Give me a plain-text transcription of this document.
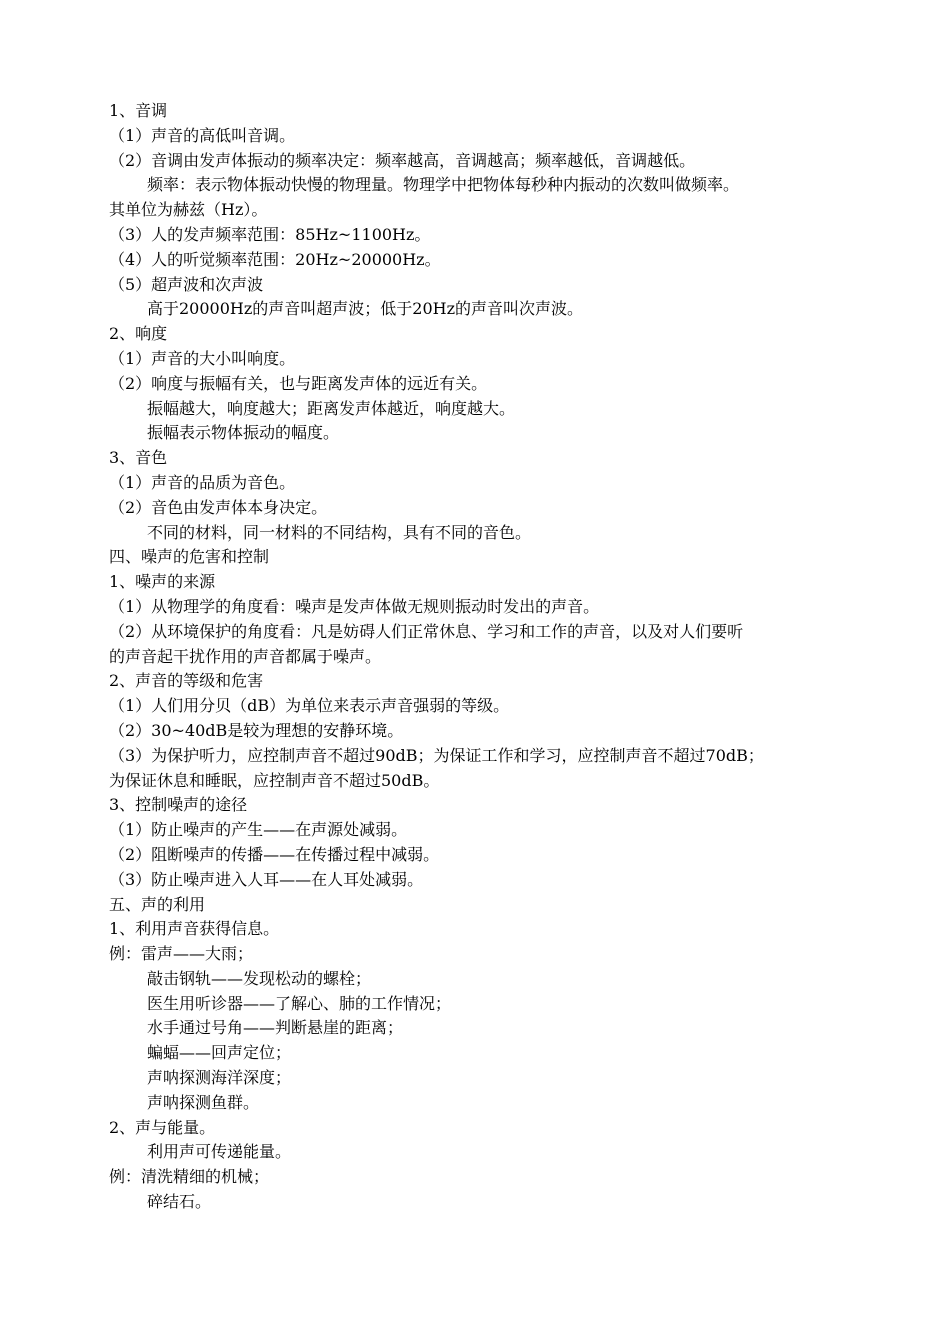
1、音调

（1）声音的高低叫音调。

（2）音调由发声体振动的频率决定：频率越高，音调越高；频率越低，音调越低。

频率：表示物体振动快慢的物理量。物理学中把物体每秒种内振动的次数叫做频率。

其单位为赫兹（Hz）。

（3）人的发声频率范围：85Hz~1100Hz。

（4）人的听觉频率范围：20Hz~20000Hz。

（5）超声波和次声波

高于20000Hz的声音叫超声波；低于20Hz的声音叫次声波。

2、响度

（1）声音的大小叫响度。

（2）响度与振幅有关，也与距离发声体的远近有关。

振幅越大，响度越大；距离发声体越近，响度越大。

振幅表示物体振动的幅度。

3、音色

（1）声音的品质为音色。

（2）音色由发声体本身决定。

不同的材料，同一材料的不同结构，具有不同的音色。

四、噪声的危害和控制

1、噪声的来源

（1）从物理学的角度看：噪声是发声体做无规则振动时发出的声音。

（2）从环境保护的角度看：凡是妨碍人们正常休息、学习和工作的声音，以及对人们要听

的声音起干扰作用的声音都属于噪声。

2、声音的等级和危害

（1）人们用分贝（dB）为单位来表示声音强弱的等级。

（2）30~40dB是较为理想的安静环境。

（3）为保护听力，应控制声音不超过90dB；为保证工作和学习，应控制声音不超过70dB；

为保证休息和睡眠，应控制声音不超过50dB。

3、控制噪声的途径

（1）防止噪声的产生——在声源处减弱。

（2）阻断噪声的传播——在传播过程中减弱。

（3）防止噪声进入人耳——在人耳处减弱。

五、声的利用

1、利用声音获得信息。

例：雷声——大雨；

敲击钢轨——发现松动的螺栓；

医生用听诊器——了解心、肺的工作情况；

水手通过号角——判断悬崖的距离；

蝙蝠——回声定位；

声呐探测海洋深度；

声呐探测鱼群。

2、声与能量。

利用声可传递能量。

例：清洗精细的机械；

碎结石。
